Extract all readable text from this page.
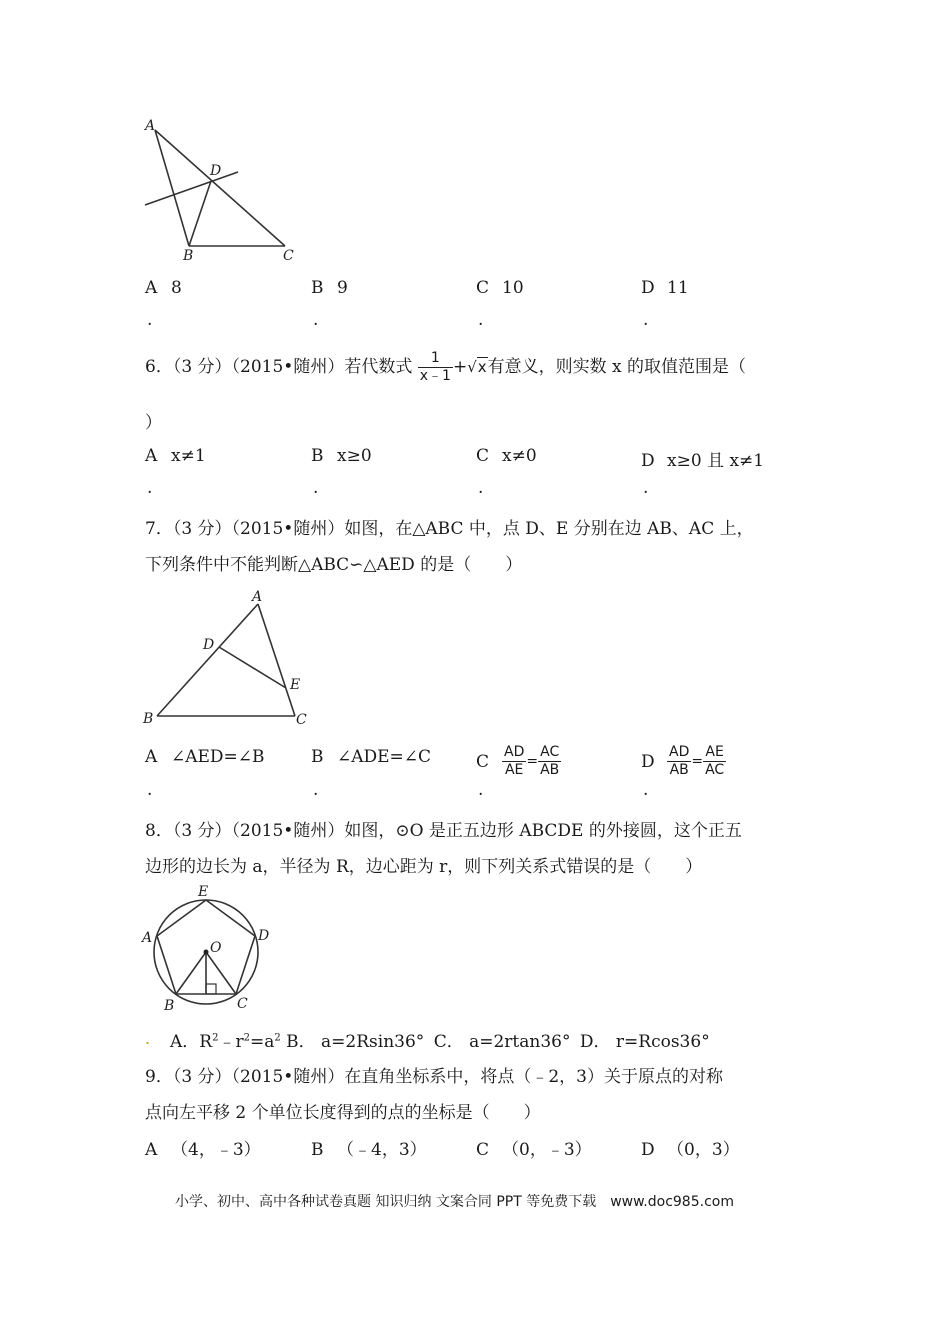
A
D
B	C
A 8	B 9	C 10	D 11
.	.	.	.
6．（3 分）（2015•随州）若代数式 $\frac{1}{x﹣1} +√x$有意义，则实数 x 的取值范围是（
）
A x≠1	B x≥0	C x≠0	D x≥0 且 x≠1
.	.	.	.
7．（3 分）（2015•随州）如图，在△ABC 中，点 D、E 分别在边 AB、AC 上，
下列条件中不能判断△ABC∽△AED 的是（　　）
A
D
E
B	C
A ∠AED=∠B	B ∠ADE=∠C	C $\frac{AD}{AE} = \frac{AC}{AB}$	D $\frac{AD}{AB} = \frac{AE}{AC}$
.	.	.	.
8．（3 分）（2015•随州）如图，⊙O 是正五边形 ABCDE 的外接圆，这个正五
边形的边长为 a，半径为 R，边心距为 r，则下列关系式错误的是（　　）
E
D
A
O
B	C
. A．$R^2﹣r^2=a^2$ B． a=2Rsin36° C． a=2rtan36° D． r=Rcos36°
9．（3 分）（2015•随州）在直角坐标系中，将点（﹣2，3）关于原点的对称
点向左平移 2 个单位长度得到的点的坐标是（　　）
A （4，﹣3）	B （﹣4，3）	C （0，﹣3）	D （0，3）
小学、初中、高中各种试卷真题 知识归纳 文案合同 PPT 等免费下载　www.doc985.com
